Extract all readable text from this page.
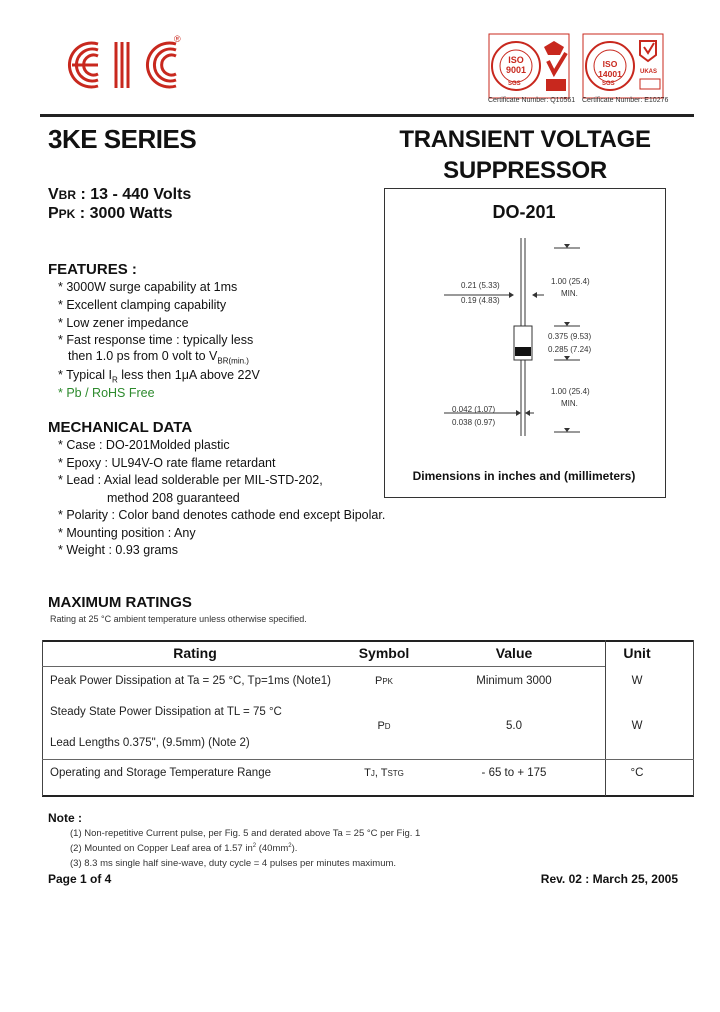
®
ISO 9001
SGS
Certificate Number: Q10561
ISO 14001
SGS
UKAS
Certificate Number: E10276
3KE SERIES	TRANSIENT VOLTAGE
SUPPRESSOR
VBR : 13 - 440 Volts
PPK : 3000 Watts
FEATURES :
* 3000W surge capability at 1ms
* Excellent clamping capability
* Low zener impedance
* Fast response time : typically less
then 1.0 ps from 0 volt to $V_{BR(min.)}$
* Typical $I_R$ less then 1μA above 22V
* Pb / RoHS Free
MECHANICAL DATA
* Case : DO-201Molded plastic
* Epoxy : UL94V-O rate flame retardant
* Lead : Axial lead solderable per MIL-STD-202,
method 208 guaranteed
* Polarity : Color band denotes cathode end except Bipolar.
* Mounting position : Any
* Weight : 0.93 grams
DO-201
0.21 (5.33)
0.19 (4.83)
1.00 (25.4)
MIN.
0.375 (9.53)
0.285 (7.24)
1.00 (25.4)
MIN.
0.042 (1.07)
0.038 (0.97)
Dimensions in inches and (millimeters)
MAXIMUM RATINGS
Rating at 25 °C ambient temperature unless otherwise specified.
Rating	Symbol	Value	Unit
Peak Power Dissipation at Ta = 25 °C, Tp=1ms (Note1)	PPK	Minimum 3000	W
Steady State Power Dissipation at TL = 75 °C
Lead Lengths 0.375", (9.5mm) (Note 2)
PD	5.0	W
Operating and Storage Temperature Range	TJ, TSTG	- 65 to + 175	°C
Note :
(1) Non-repetitive Current pulse, per Fig. 5 and derated above Ta = 25 °C per Fig. 1
(2) Mounted on Copper Leaf area of 1.57 $in^2$ $(40mm^2)$.
(3) 8.3 ms single half sine-wave, duty cycle = 4 pulses per minutes maximum.
Page 1 of 4	Rev. 02 : March 25, 2005
